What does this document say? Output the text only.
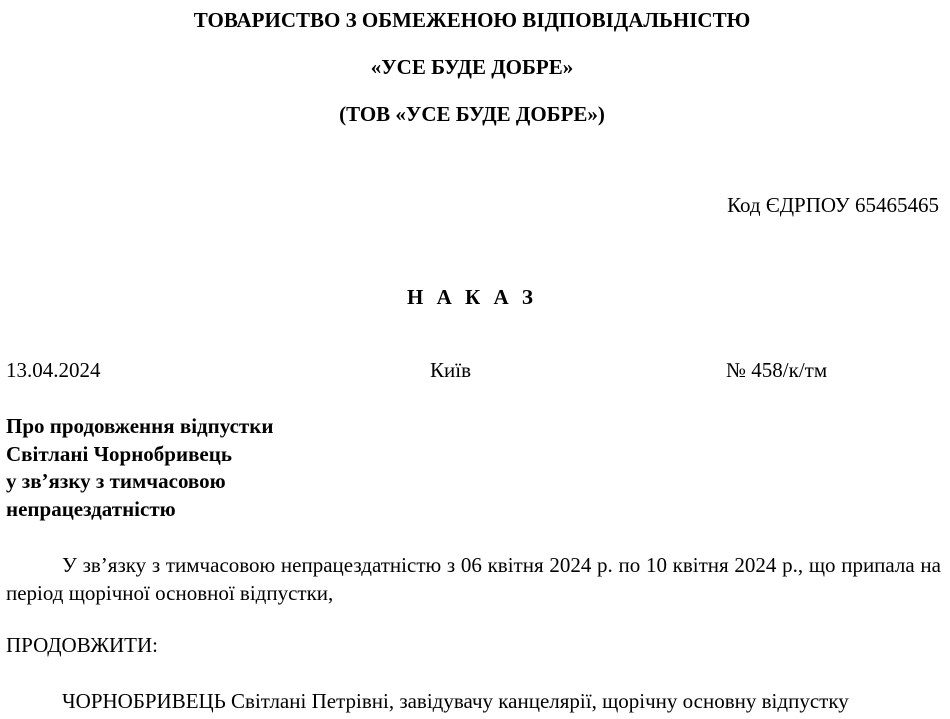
ТОВАРИСТВО З ОБМЕЖЕНОЮ ВІДПОВІДАЛЬНІСТЮ
«УСЕ БУДЕ ДОБРЕ»
(ТОВ «УСЕ БУДЕ ДОБРЕ»)
Код ЄДРПОУ 65465465
Н А К А З
13.04.2024	Київ	№ 458/к/тм
Про продовження відпустки
Світлані Чорнобривець
у зв’язку з тимчасовою
непрацездатністю
У зв’язку з тимчасовою непрацездатністю з 06 квітня 2024 р. по 10 квітня 2024 р., що припала на період щорічної основної відпустки,
ПРОДОВЖИТИ:
ЧОРНОБРИВЕЦЬ Світлані Петрівні, завідувачу канцелярії, щорічну основну відпустку
